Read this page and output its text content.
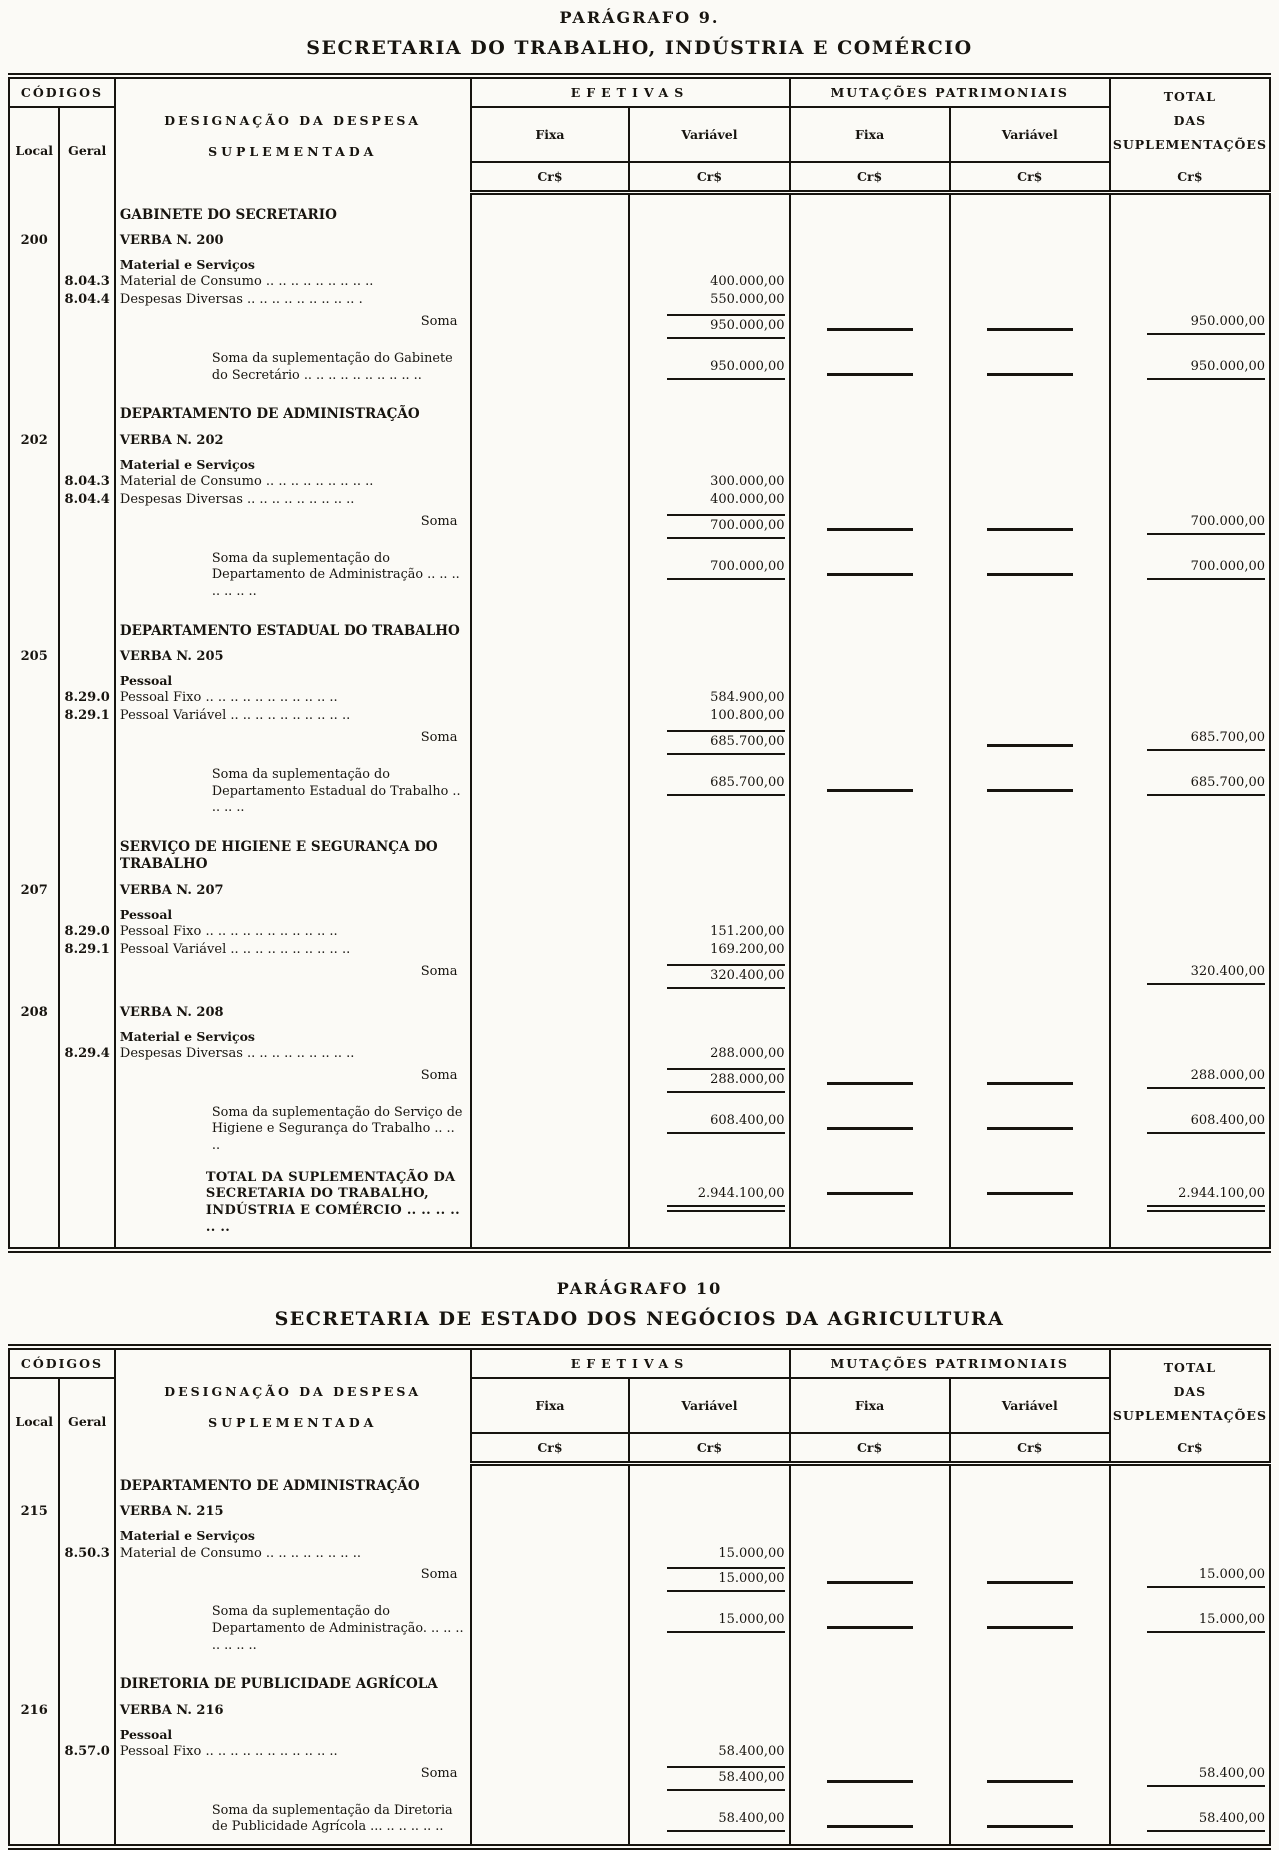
PARÁGRAFO 9.
SECRETARIA DO TRABALHO, INDÚSTRIA E COMÉRCIO
CÓDIGOS	
DESIGNAÇÃO DA DESPESA
SUPLEMENTADA
	EFETIVAS	MUTAÇÕES PATRIMONIAIS	TOTAL
DAS
SUPLEMENTAÇÕES

Local	Geral		Fixa	Variável	Fixa	Variável	
			Cr$	Cr$	Cr$	Cr$	Cr$

		GABINETE DO SECRETARIO					

200		VERBA N. 200					

		Material e Serviços					

	8.04.3	Material de Consumo .. .. .. .. .. .. .. .. ..		400.000,00			
	8.04.4	Despesas Diversas .. .. .. .. .. .. .. .. .. .		550.000,00			

		Soma		950.000,00			950.000,00

		Soma da suplementação do Gabinete do Secretário .. .. .. .. .. .. .. .. .. ..		950.000,00			950.000,00

		DEPARTAMENTO DE ADMINISTRAÇÃO					

202		VERBA N. 202					

		Material e Serviços					

	8.04.3	Material de Consumo .. .. .. .. .. .. .. .. ..		300.000,00			
	8.04.4	Despesas Diversas .. .. .. .. .. .. .. .. ..		400.000,00			

		Soma		700.000,00			700.000,00

		Soma da suplementação do Departamento de Administração .. .. .. .. .. .. ..		700.000,00			700.000,00

		DEPARTAMENTO ESTADUAL DO TRABALHO					

205		VERBA N. 205					

		Pessoal					

	8.29.0	Pessoal Fixo .. .. .. .. .. .. .. .. .. .. ..		584.900,00			
	8.29.1	Pessoal Variável .. .. .. .. .. .. .. .. .. ..		100.800,00			

		Soma		685.700,00			685.700,00

		Soma da suplementação do Departamento Estadual do Trabalho .. .. .. ..		685.700,00			685.700,00

		SERVIÇO DE HIGIENE E SEGURANÇA DO TRABALHO					

207		VERBA N. 207					

		Pessoal					

	8.29.0	Pessoal Fixo .. .. .. .. .. .. .. .. .. .. ..		151.200,00			
	8.29.1	Pessoal Variável .. .. .. .. .. .. .. .. .. ..		169.200,00			

		Soma		320.400,00			320.400,00
208		VERBA N. 208					

		Material e Serviços					

	8.29.4	Despesas Diversas .. .. .. .. .. .. .. .. ..		288.000,00			

		Soma		288.000,00			288.000,00

		Soma da suplementação do Serviço de Higiene e Segurança do Trabalho .. .. ..		608.400,00			608.400,00

		TOTAL DA SUPLEMENTAÇÃO DA SECRETARIA DO TRABALHO, INDÚSTRIA E COMÉRCIO .. .. .. .. .. ..		2.944.100,00			2.944.100,00
PARÁGRAFO 10
SECRETARIA DE ESTADO DOS NEGÓCIOS DA AGRICULTURA
CÓDIGOS	
DESIGNAÇÃO DA DESPESA
SUPLEMENTADA
	EFETIVAS	MUTAÇÕES PATRIMONIAIS	TOTAL
DAS
SUPLEMENTAÇÕES

Local	Geral		Fixa	Variável	Fixa	Variável	
			Cr$	Cr$	Cr$	Cr$	Cr$

		DEPARTAMENTO DE ADMINISTRAÇÃO					

215		VERBA N. 215					

		Material e Serviços					

	8.50.3	Material de Consumo .. .. .. .. .. .. .. ..		15.000,00			

		Soma		15.000,00			15.000,00

		Soma da suplementação do Departamento de Administração. .. .. .. .. .. .. ..		15.000,00			15.000,00

		DIRETORIA DE PUBLICIDADE AGRÍCOLA					

216		VERBA N. 216					

		Pessoal					

	8.57.0	Pessoal Fixo .. .. .. .. .. .. .. .. .. .. ..		58.400,00			

		Soma		58.400,00			58.400,00

		Soma da suplementação da Diretoria de Publicidade Agrícola ... .. .. .. .. ..		58.400,00			58.400,00
